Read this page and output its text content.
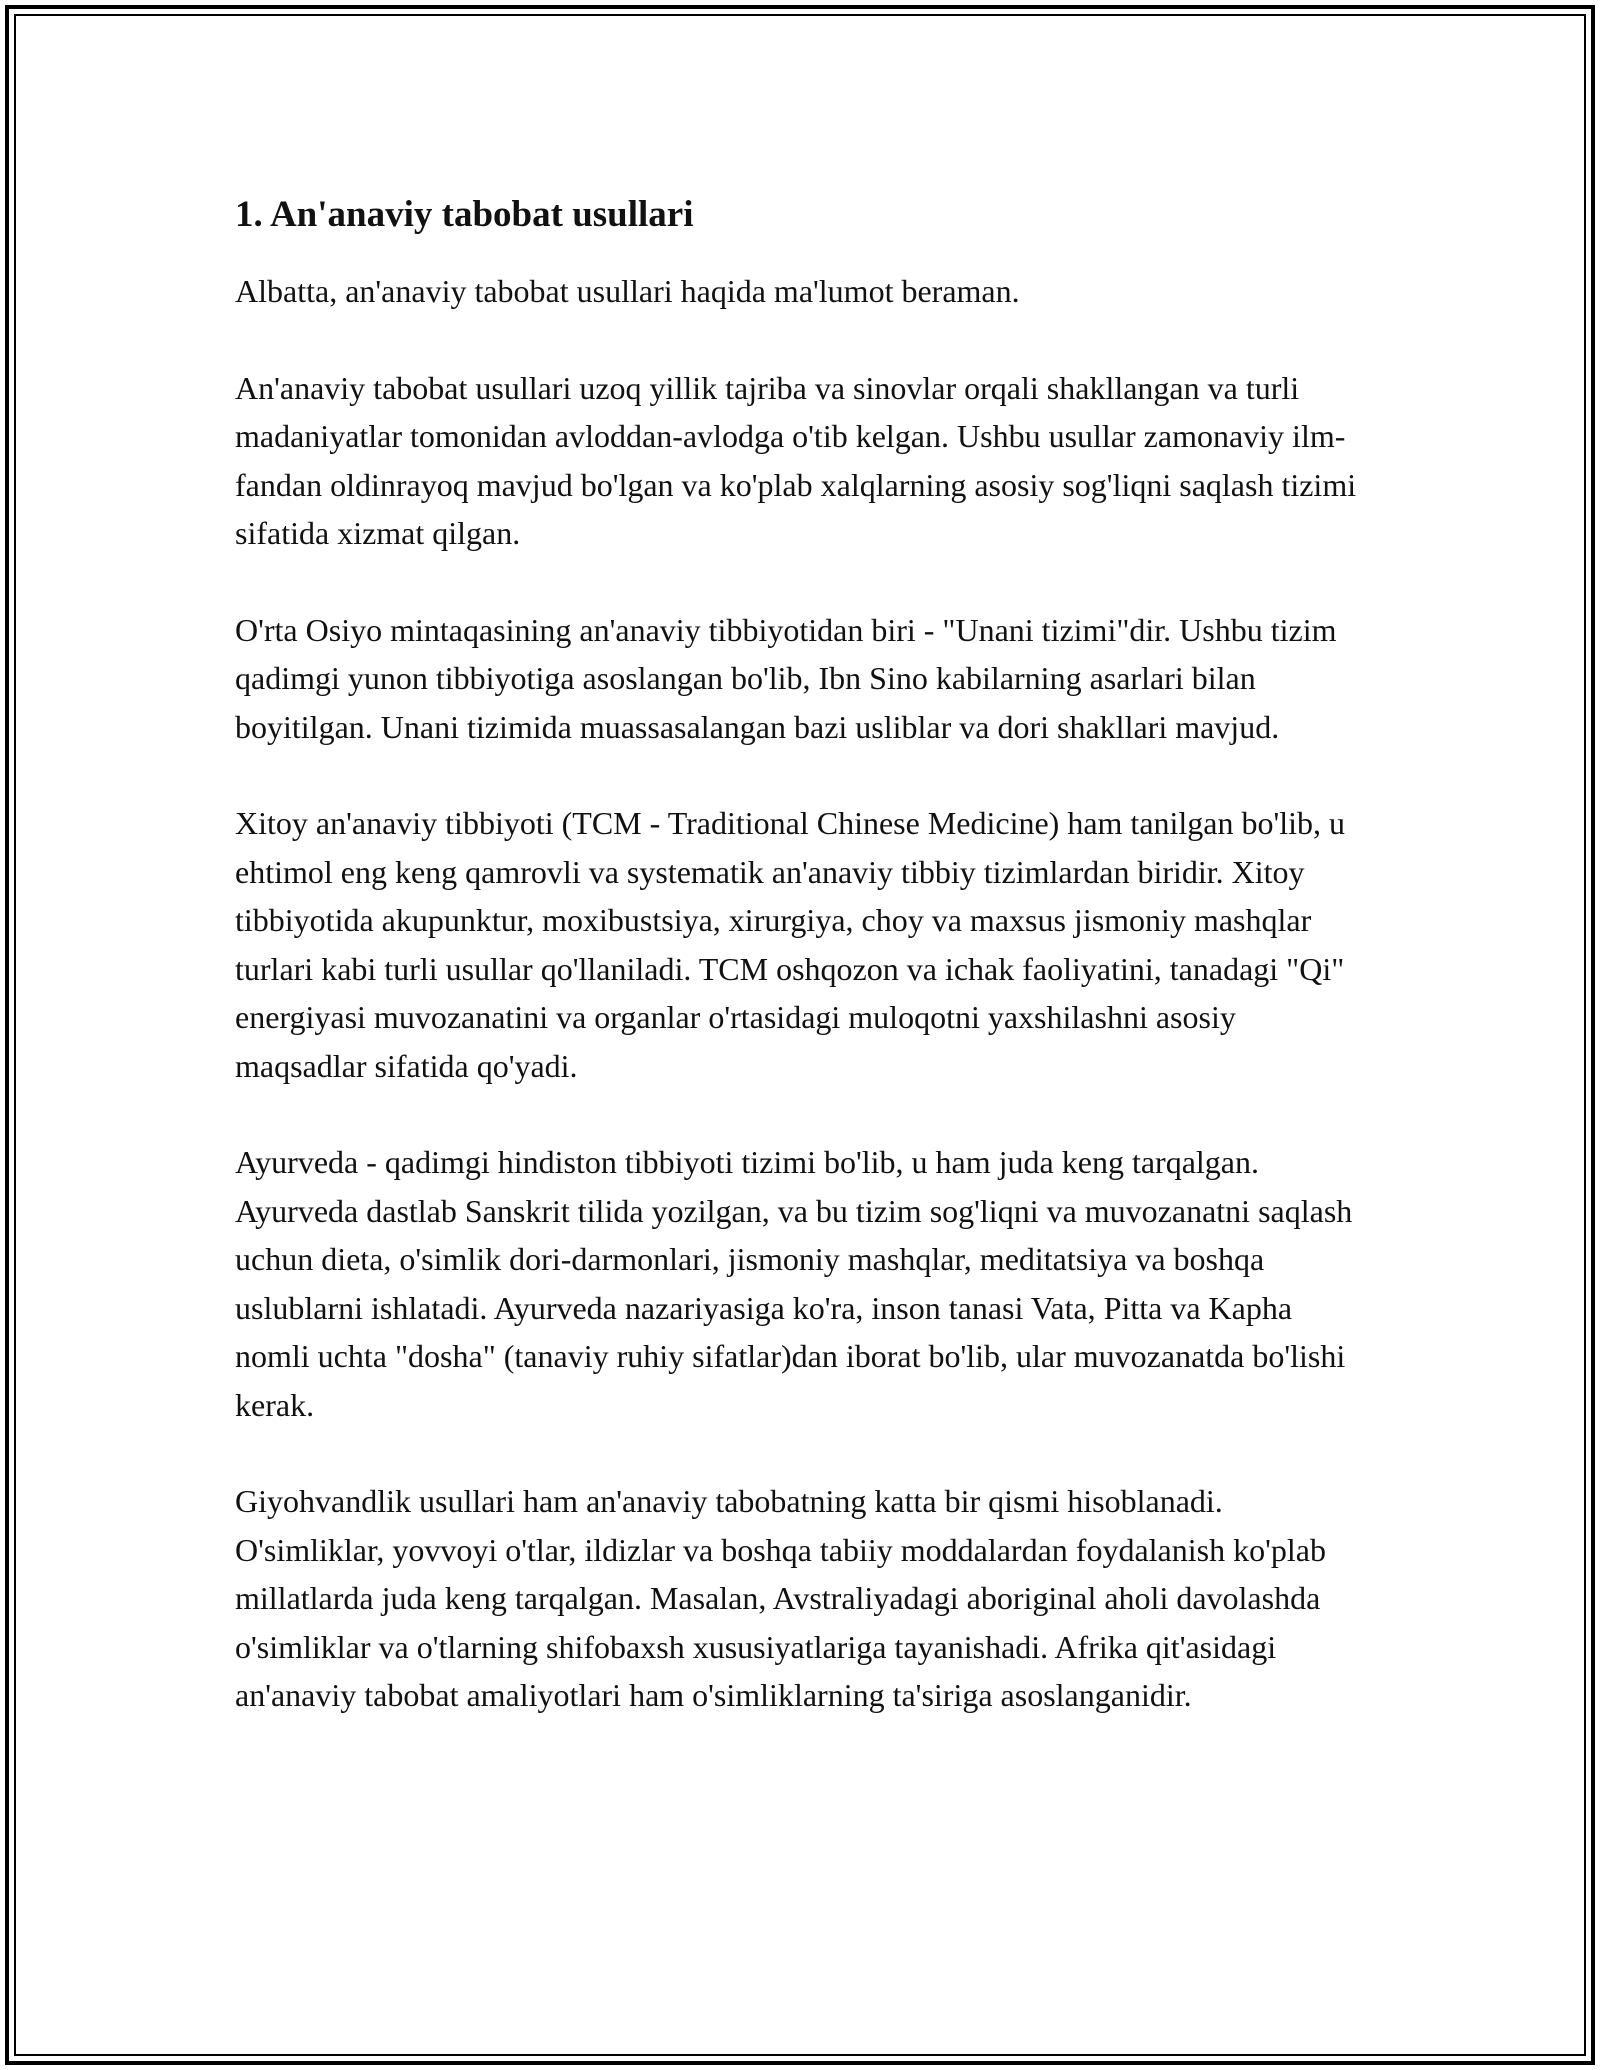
1. An'anaviy tabobat usullari

Albatta, an'anaviy tabobat usullari haqida ma'lumot beraman.

An'anaviy tabobat usullari uzoq yillik tajriba va sinovlar orqali shakllangan va turli madaniyatlar tomonidan avloddan-avlodga o'tib kelgan. Ushbu usullar zamonaviy ilm-fandan oldinrayoq mavjud bo'lgan va ko'plab xalqlarning asosiy sog'liqni saqlash tizimi sifatida xizmat qilgan.

O'rta Osiyo mintaqasining an'anaviy tibbiyotidan biri - "Unani tizimi"dir. Ushbu tizim qadimgi yunon tibbiyotiga asoslangan bo'lib, Ibn Sino kabilarning asarlari bilan boyitilgan. Unani tizimida muassasalangan bazi usliblar va dori shakllari mavjud.

Xitoy an'anaviy tibbiyoti (TCM - Traditional Chinese Medicine) ham tanilgan bo'lib, u ehtimol eng keng qamrovli va systematik an'anaviy tibbiy tizimlardan biridir. Xitoy tibbiyotida akupunktur, moxibustsiya, xirurgiya, choy va maxsus jismoniy mashqlar turlari kabi turli usullar qo'llaniladi. TCM oshqozon va ichak faoliyatini, tanadagi "Qi" energiyasi muvozanatini va organlar o'rtasidagi muloqotni yaxshilashni asosiy maqsadlar sifatida qo'yadi.

Ayurveda - qadimgi hindiston tibbiyoti tizimi bo'lib, u ham juda keng tarqalgan. Ayurveda dastlab Sanskrit tilida yozilgan, va bu tizim sog'liqni va muvozanatni saqlash uchun dieta, o'simlik dori-darmonlari, jismoniy mashqlar, meditatsiya va boshqa uslublarni ishlatadi. Ayurveda nazariyasiga ko'ra, inson tanasi Vata, Pitta va Kapha nomli uchta "dosha" (tanaviy ruhiy sifatlar)dan iborat bo'lib, ular muvozanatda bo'lishi kerak.

Giyohvandlik usullari ham an'anaviy tabobatning katta bir qismi hisoblanadi. O'simliklar, yovvoyi o'tlar, ildizlar va boshqa tabiiy moddalardan foydalanish ko'plab millatlarda juda keng tarqalgan. Masalan, Avstraliyadagi aboriginal aholi davolashda o'simliklar va o'tlarning shifobaxsh xususiyatlariga tayanishadi. Afrika qit'asidagi an'anaviy tabobat amaliyotlari ham o'simliklarning ta'siriga asoslanganidir.
